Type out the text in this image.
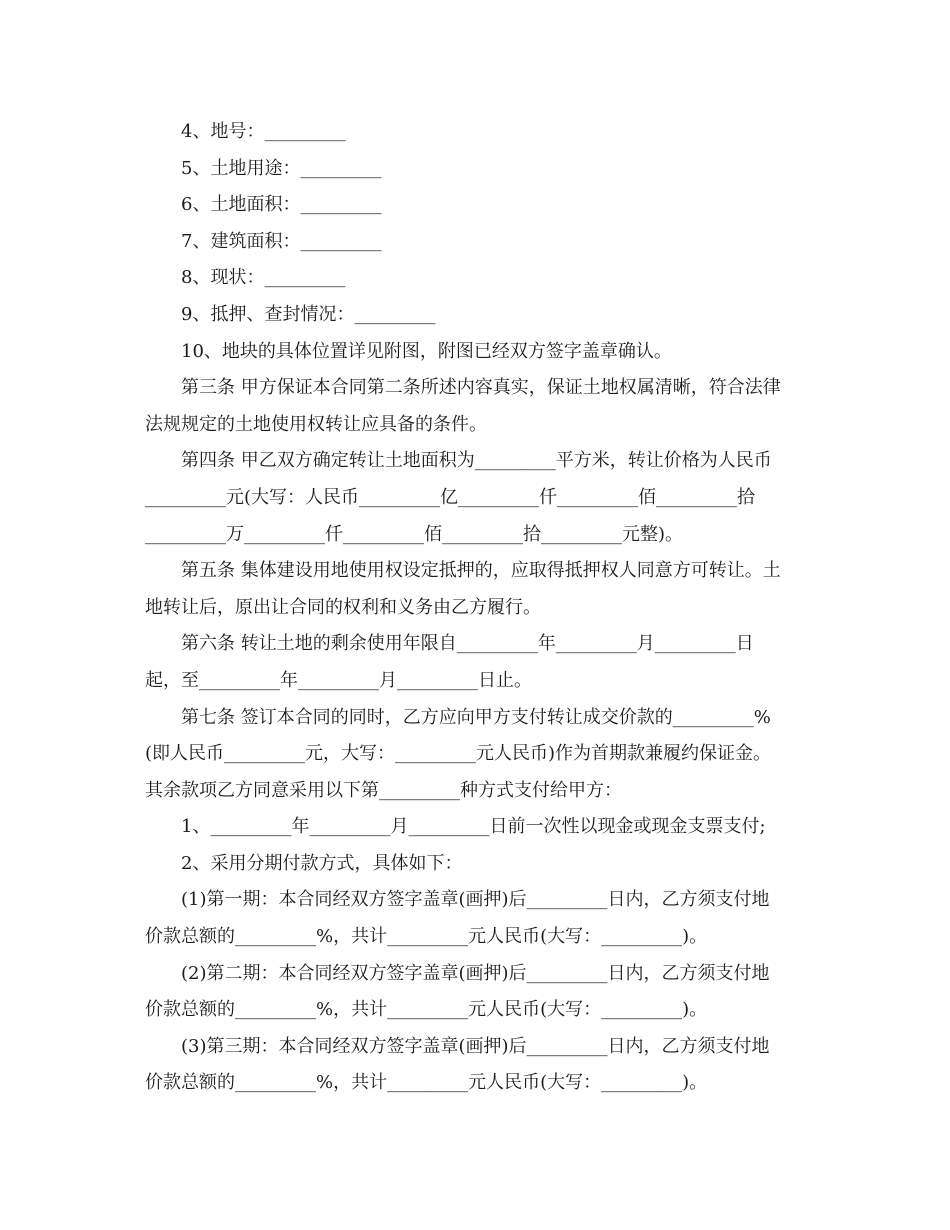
4、地号：_________

5、土地用途：_________

6、土地面积：_________

7、建筑面积：_________

8、现状：_________

9、抵押、查封情况：_________

10、地块的具体位置详见附图，附图已经双方签字盖章确认。

第三条 甲方保证本合同第二条所述内容真实，保证土地权属清晰，符合法律

法规规定的土地使用权转让应具备的条件。

第四条 甲乙双方确定转让土地面积为_________平方米，转让价格为人民币

_________元(大写：人民币_________亿_________仟_________佰_________拾

_________万_________仟_________佰_________拾_________元整)。

第五条 集体建设用地使用权设定抵押的，应取得抵押权人同意方可转让。土

地转让后，原出让合同的权利和义务由乙方履行。

第六条 转让土地的剩余使用年限自_________年_________月_________日

起，至_________年_________月_________日止。

第七条 签订本合同的同时，乙方应向甲方支付转让成交价款的_________%

(即人民币_________元，大写：_________元人民币)作为首期款兼履约保证金。

其余款项乙方同意采用以下第_________种方式支付给甲方：

1、_________年_________月_________日前一次性以现金或现金支票支付;

2、采用分期付款方式，具体如下：

(1)第一期：本合同经双方签字盖章(画押)后_________日内，乙方须支付地

价款总额的_________%，共计_________元人民币(大写：_________)。

(2)第二期：本合同经双方签字盖章(画押)后_________日内，乙方须支付地

价款总额的_________%，共计_________元人民币(大写：_________)。

(3)第三期：本合同经双方签字盖章(画押)后_________日内，乙方须支付地

价款总额的_________%，共计_________元人民币(大写：_________)。
